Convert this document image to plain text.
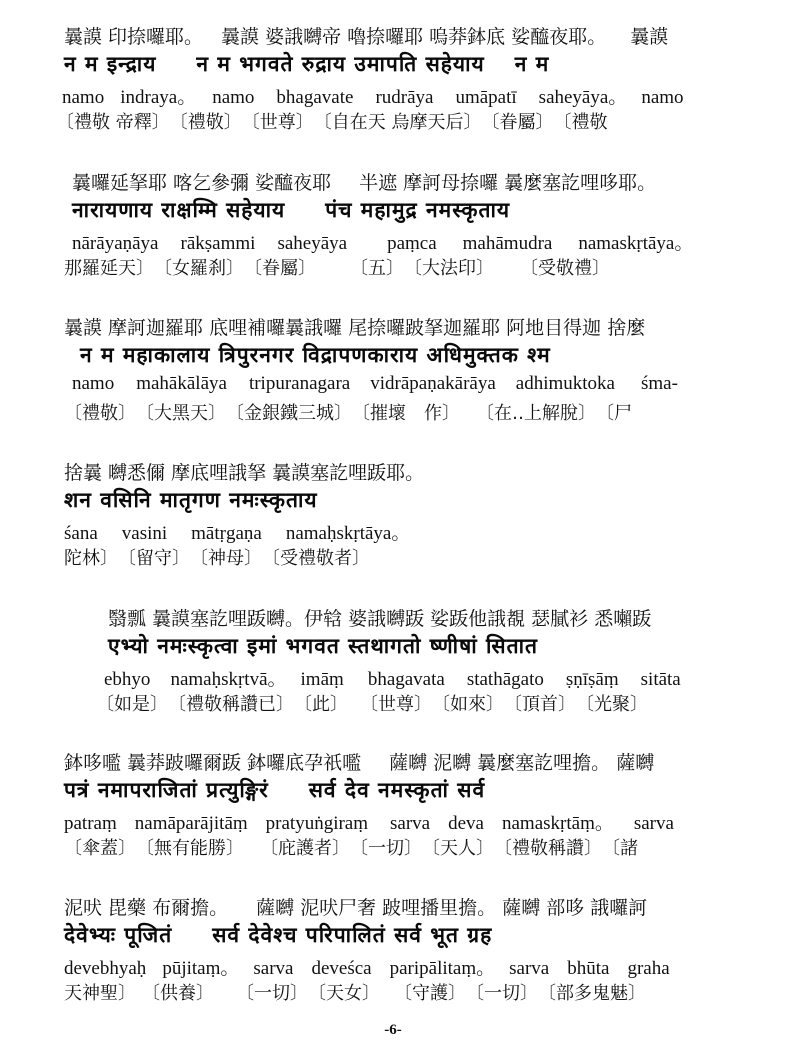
曩謨 印捺囉耶。 曩謨 婆誐嚩帝 嚕捺囉耶 嗚莽鉢底 娑醯夜耶。 曩謨
न म इन्द्राय न म भगवते रुद्राय उमापति सहेयाय न म
namo indraya。 namo bhagavate rudrāya umāpatī saheyāya。 namo
〔禮敬 帝釋〕 〔禮敬〕 〔世尊〕 〔自在天 烏摩天后〕 〔眷屬〕 〔禮敬
曩囉延拏耶 喀乞參彌 娑醯夜耶 半遮 摩訶母捺囉 曩麼塞訖哩哆耶。
नारायणाय राक्षम्मि सहेयाय पंच महामुद्र नमस्कृताय
nārāyaṇāya rākṣammi saheyāya paṃca mahāmudra namaskṛtāya。
那羅延天〕 〔女羅刹〕 〔眷屬〕 〔五〕 〔大法印〕 〔受敬禮〕
曩謨 摩訶迦羅耶 底哩補囉曩誐囉 尾捺囉跛拏迦羅耶 阿地目得迦 捨麼
न म महाकालाय त्रिपुरनगर विद्रापणकाराय अधिमुक्तक श्म
namo mahākālāya tripuranagara vidrāpaṇakārāya adhimuktoka śma-
〔禮敬〕 〔大黑天〕 〔金銀鐵三城〕 〔摧壞　作〕 〔在‥上解脫〕 〔尸
捨曩 嚩悉儞 摩底哩誐拏 曩謨塞訖哩䟦耶。
शन वसिनि मातृगण नमःस्कृताय
śana vasini mātṛgaṇa namaḥskṛtāya。
陀林〕 〔留守〕 〔神母〕 〔受禮敬者〕
翳瓢 曩謨塞訖哩䟦嚩。伊𤚥 婆誐嚩䟦 娑䟦他誐覩 瑟膩衫 悉𡃤䟦
एभ्यो नमःस्कृत्वा इमां भगवत स्तथागतो ष्णीषां सितात
ebhyo namaḥskṛtvā。 imāṃ bhagavata stathāgato ṣṇīṣāṃ sitāta
〔如是〕 〔禮敬稱讚已〕 〔此〕 〔世尊〕 〔如來〕 〔頂首〕 〔光聚〕
鉢哆嚂 曩莽跛囉爾䟦 鉢囉底孕祇嚂 薩嚩 泥嚩 曩麼塞訖哩擔。 薩嚩
पत्रं नमापराजितां प्रत्युङ्गिरं सर्व देव नमस्कृतां सर्व
patraṃ namāparājitāṃ pratyuṅgiraṃ sarva deva namaskṛtāṃ。 sarva
〔傘蓋〕 〔無有能勝〕 〔庇護者〕 〔一切〕 〔天人〕 〔禮敬稱讚〕 〔諸
泥吠 毘藥 布爾擔。 薩嚩 泥吠尸奢 跛哩播里擔。 薩嚩 部哆 誐囉訶
देवेभ्यः पूजितं सर्व देवेश्च परिपालितं सर्व भूत ग्रह
devebhyaḥ pūjitaṃ。 sarva deveśca paripālitaṃ。 sarva bhūta graha
天神聖〕 〔供養〕 〔一切〕 〔天女〕 〔守護〕 〔一切〕 〔部多鬼魅〕
-6-
